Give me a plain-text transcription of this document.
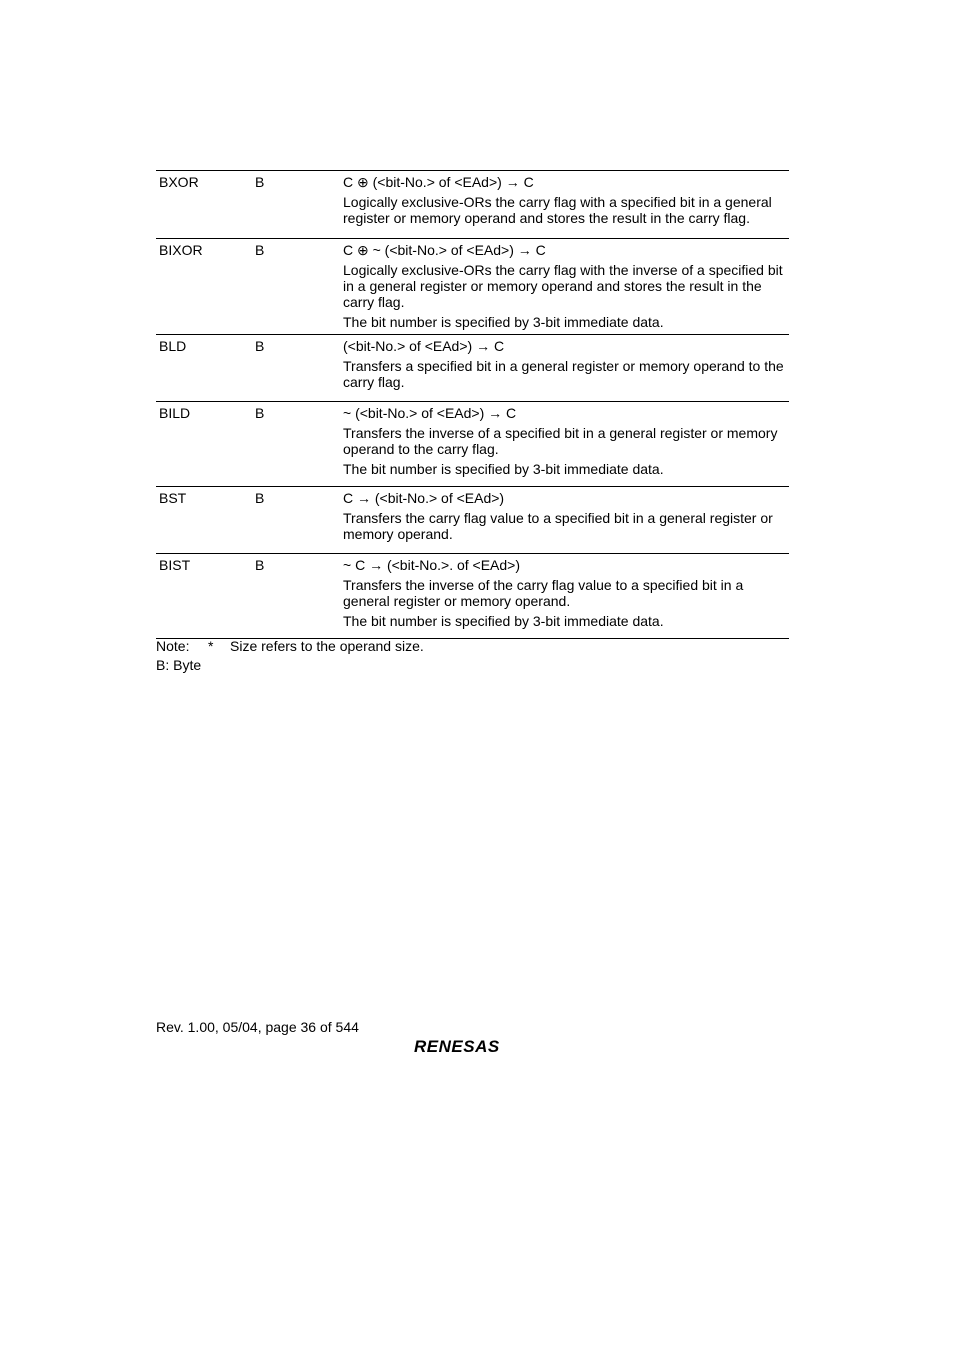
BXOR	B	C ⊕ (<bit-No.> of <EAd>) → C

Logically exclusive-ORs the carry flag with a specified bit in a general register or memory operand and stores the result in the carry flag.

BIXOR	B	C ⊕ ~ (<bit-No.> of <EAd>) → C

Logically exclusive-ORs the carry flag with the inverse of a specified bit in a general register or memory operand and stores the result in the carry flag.

The bit number is specified by 3-bit immediate data.

BLD	B	(<bit-No.> of <EAd>) → C

Transfers a specified bit in a general register or memory operand to the carry flag.

BILD	B	~ (<bit-No.> of <EAd>) → C

Transfers the inverse of a specified bit in a general register or memory operand to the carry flag.

The bit number is specified by 3-bit immediate data.

BST	B	C → (<bit-No.> of <EAd>)

Transfers the carry flag value to a specified bit in a general register or memory operand.

BIST	B	~ C → (<bit-No.>. of <EAd>)

Transfers the inverse of the carry flag value to a specified bit in a general register or memory operand.

The bit number is specified by 3-bit immediate data.

Note: * Size refers to the operand size.
B: Byte
Rev. 1.00, 05/04, page 36 of 544
RENESAS
